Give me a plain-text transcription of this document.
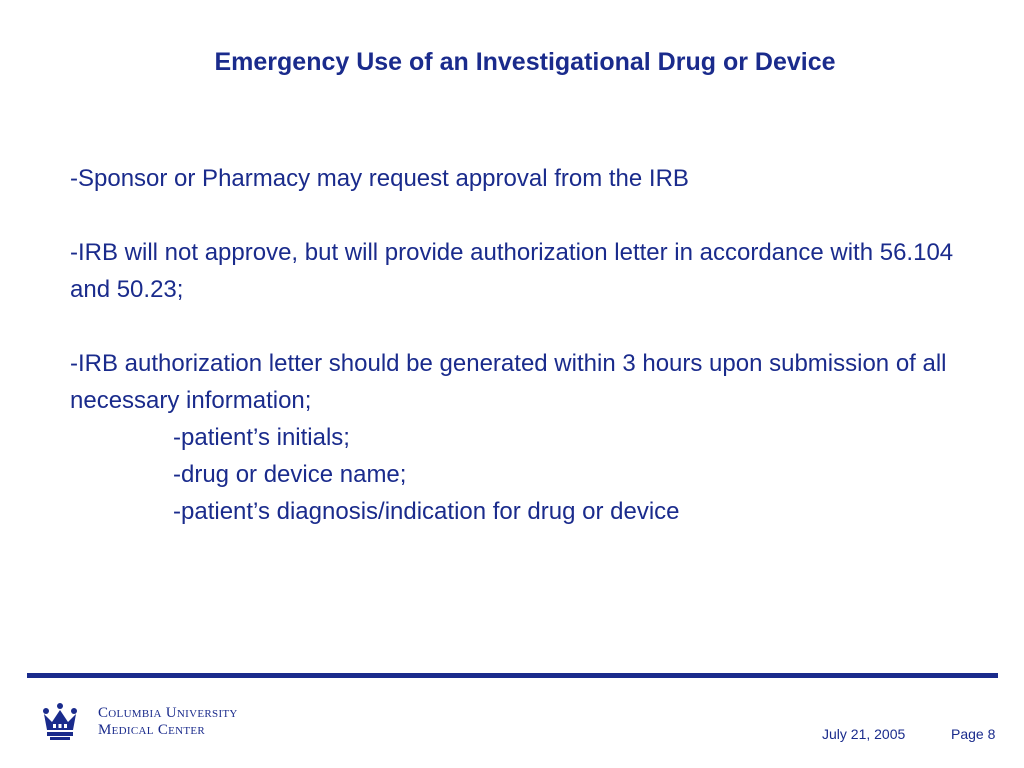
Emergency Use of an Investigational Drug or Device

-Sponsor or Pharmacy may request approval from the IRB

-IRB will not approve, but will provide authorization letter in accordance with 56.104 and 50.23;

-IRB authorization letter should be generated within 3 hours upon submission of all necessary information;

-patient’s initials;

-drug or device name;

-patient’s diagnosis/indication for drug or device

Columbia University
Medical Center	July 21, 2005	Page 8
